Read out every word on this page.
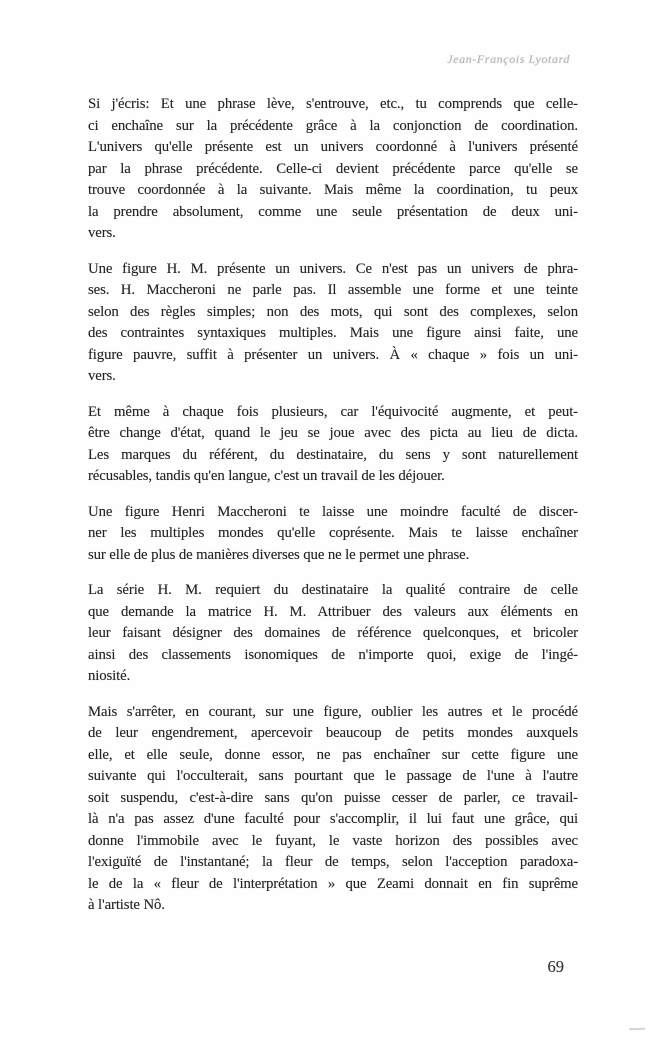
Jean-François Lyotard
Si j'écris: Et une phrase lève, s'entrouve, etc., tu comprends que celle-
ci enchaîne sur la précédente grâce à la conjonction de coordination.
L'univers qu'elle présente est un univers coordonné à l'univers présenté
par la phrase précédente. Celle-ci devient précédente parce qu'elle se
trouve coordonnée à la suivante. Mais même la coordination, tu peux
la prendre absolument, comme une seule présentation de deux uni-
vers.
Une figure H. M. présente un univers. Ce n'est pas un univers de phra-
ses. H. Maccheroni ne parle pas. Il assemble une forme et une teinte
selon des règles simples; non des mots, qui sont des complexes, selon
des contraintes syntaxiques multiples. Mais une figure ainsi faite, une
figure pauvre, suffit à présenter un univers. À « chaque » fois un uni-
vers.
Et même à chaque fois plusieurs, car l'équivocité augmente, et peut-
être change d'état, quand le jeu se joue avec des picta au lieu de dicta.
Les marques du référent, du destinataire, du sens y sont naturellement
récusables, tandis qu'en langue, c'est un travail de les déjouer.
Une figure Henri Maccheroni te laisse une moindre faculté de discer-
ner les multiples mondes qu'elle coprésente. Mais te laisse enchaîner
sur elle de plus de manières diverses que ne le permet une phrase.
La série H. M. requiert du destinataire la qualité contraire de celle
que demande la matrice H. M. Attribuer des valeurs aux éléments en
leur faisant désigner des domaines de référence quelconques, et bricoler
ainsi des classements isonomiques de n'importe quoi, exige de l'ingé-
niosité.
Mais s'arrêter, en courant, sur une figure, oublier les autres et le procédé
de leur engendrement, apercevoir beaucoup de petits mondes auxquels
elle, et elle seule, donne essor, ne pas enchaîner sur cette figure une
suivante qui l'occulterait, sans pourtant que le passage de l'une à l'autre
soit suspendu, c'est-à-dire sans qu'on puisse cesser de parler, ce travail-
là n'a pas assez d'une faculté pour s'accomplir, il lui faut une grâce, qui
donne l'immobile avec le fuyant, le vaste horizon des possibles avec
l'exiguïté de l'instantané; la fleur de temps, selon l'acception paradoxa-
le de la « fleur de l'interprétation » que Zeami donnait en fin suprême
à l'artiste Nô.
69
